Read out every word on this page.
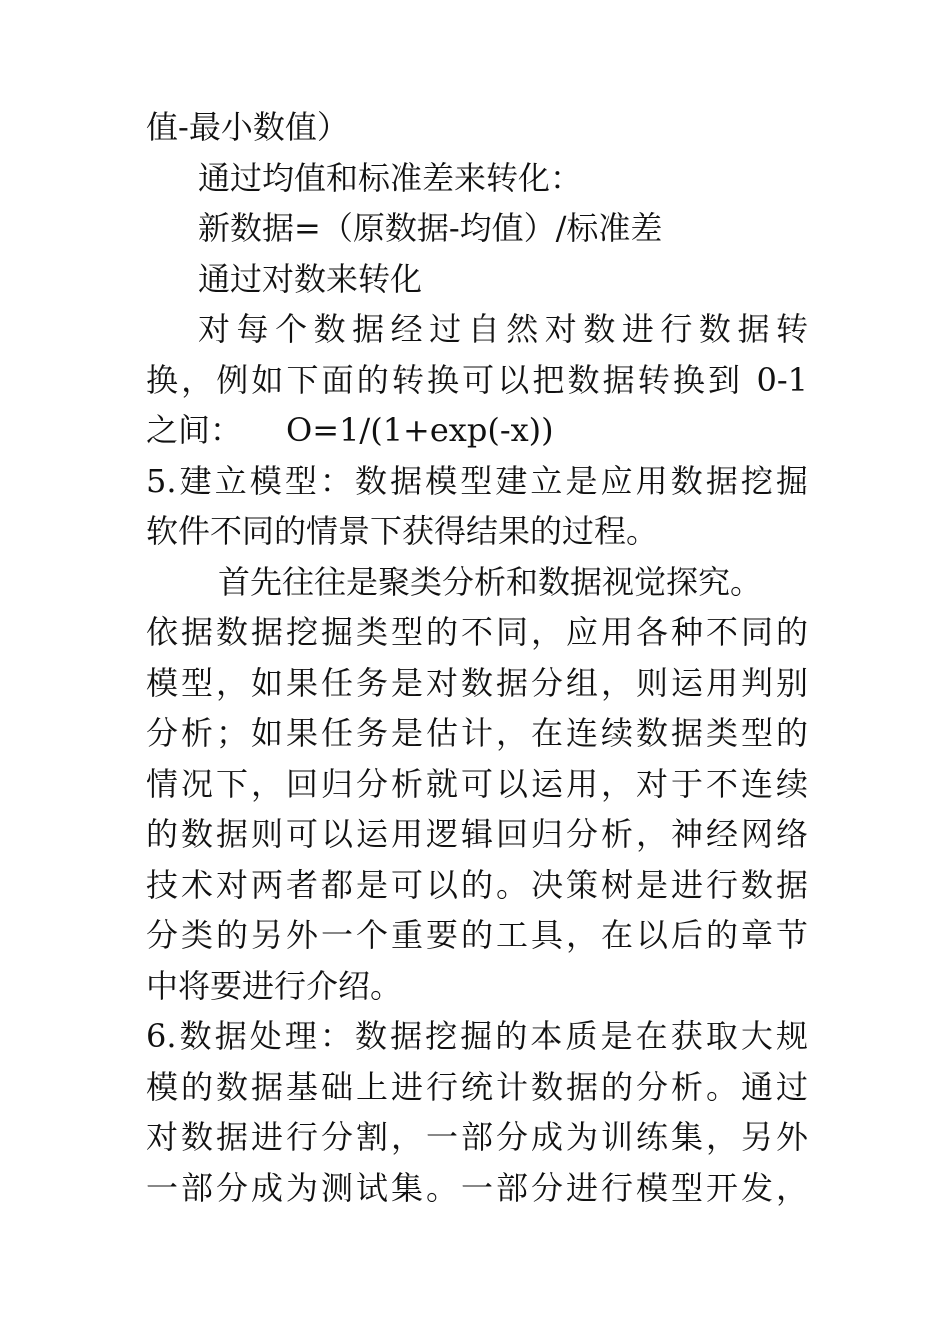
值-最小数值）
通过均值和标准差来转化：
新数据=（原数据-均值）/标准差
通过对数来转化
对每个数据经过自然对数进行数据转
换，例如下面的转换可以把数据转换到 0-1
之间： O=1/(1+exp(-x))
5.建立模型：数据模型建立是应用数据挖掘
软件不同的情景下获得结果的过程。
首先往往是聚类分析和数据视觉探究。
依据数据挖掘类型的不同，应用各种不同的
模型，如果任务是对数据分组，则运用判别
分析；如果任务是估计，在连续数据类型的
情况下，回归分析就可以运用，对于不连续
的数据则可以运用逻辑回归分析，神经网络
技术对两者都是可以的。决策树是进行数据
分类的另外一个重要的工具，在以后的章节
中将要进行介绍。
6.数据处理：数据挖掘的本质是在获取大规
模的数据基础上进行统计数据的分析。通过
对数据进行分割，一部分成为训练集，另外
一部分成为测试集。一部分进行模型开发，
